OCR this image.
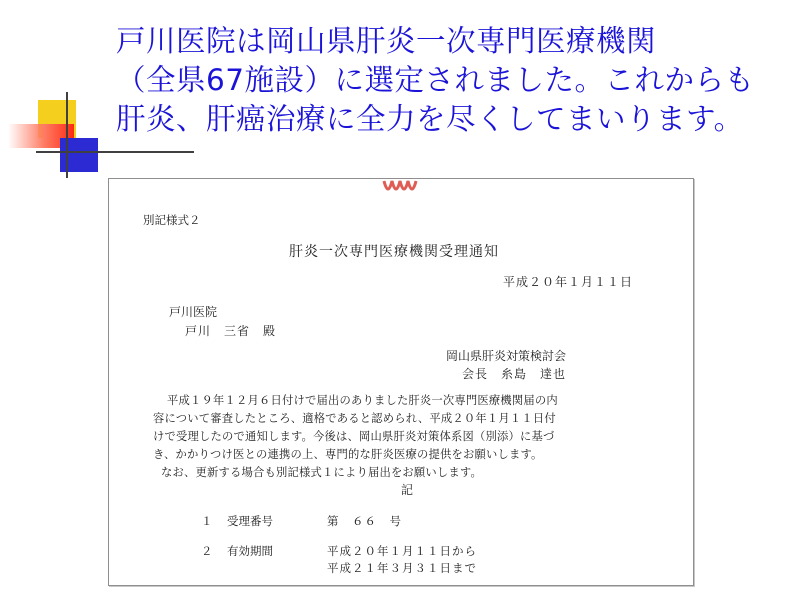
戸川医院は岡山県肝炎一次専門医療機関
（全県67施設）に選定されました。これからも
肝炎、肝癌治療に全力を尽くしてまいります。
別記様式２
肝炎一次専門医療機関受理通知
平成２０年１月１１日
戸川医院
戸川　三省　殿
岡山県肝炎対策検討会
会長　糸島　達也
平成１９年１２月６日付けで届出のありました肝炎一次専門医療機関届の内
容について審査したところ、適格であると認められ、平成２０年１月１１日付
けで受理したので通知します。今後は、岡山県肝炎対策体系図（別添）に基づ
き、かかりつけ医との連携の上、専門的な肝炎医療の提供をお願いします。
なお、更新する場合も別記様式１により届出をお願いします。
記
１ 受理番号	第　６６　号
２ 有効期間	平成２０年１月１１日から
平成２１年３月３１日まで
